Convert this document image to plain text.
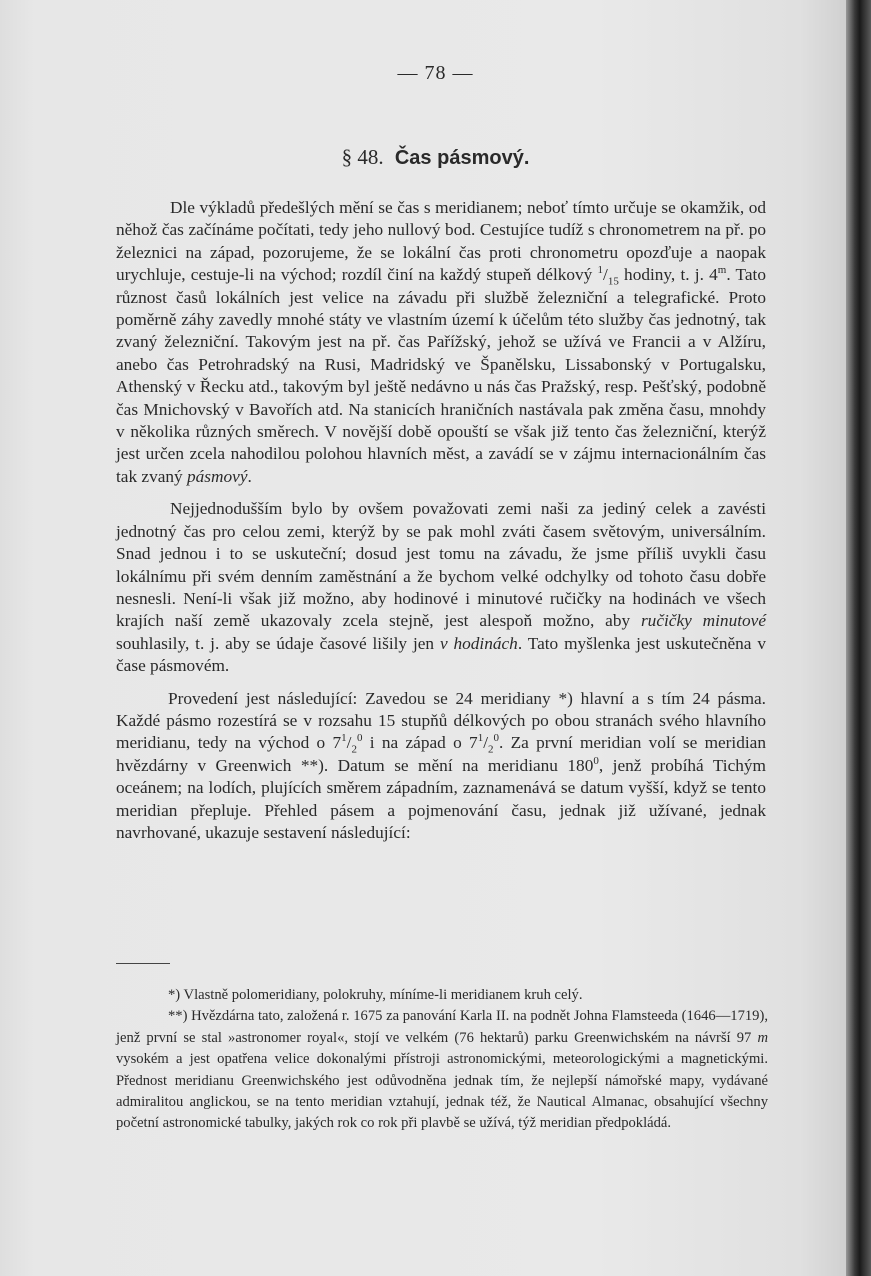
— 78 —
§ 48. Čas pásmový.

Dle výkladů předešlých mění se čas s meridianem; neboť tímto určuje se okamžik, od něhož čas začínáme počítati, tedy jeho nullový bod. Cestujíce tudíž s chronometrem na př. po železnici na západ, pozorujeme, že se lokální čas proti chronometru opozďuje a naopak urychluje, cestuje-li na východ; rozdíl činí na každý stupeň délkový $^1/_{15}$ hodiny, t. j. 4$^m$. Tato různost časů lokálních jest velice na závadu při službě železniční a telegrafické. Proto poměrně záhy zavedly mnohé státy ve vlastním území k účelům této služby čas jednotný, tak zvaný železniční. Takovým jest na př. čas Pařížský, jehož se užívá ve Francii a v Alžíru, anebo čas Petrohradský na Rusi, Madridský ve Španělsku, Lissabonský v Portugalsku, Athenský v Řecku atd., takovým byl ještě nedávno u nás čas Pražský, resp. Pešťský, podobně čas Mnichovský v Bavořích atd. Na stanicích hraničních nastávala pak změna času, mnohdy v několika různých směrech. V novější době opouští se však již tento čas železniční, kterýž jest určen zcela nahodilou polohou hlavních měst, a zavádí se v zájmu internacionálním čas tak zvaný pásmový.

Nejjednodušším bylo by ovšem považovati zemi naši za jediný celek a zavésti jednotný čas pro celou zemi, kterýž by se pak mohl zváti časem světovým, universálním. Snad jednou i to se uskuteční; dosud jest tomu na závadu, že jsme příliš uvykli času lokálnímu při svém denním zaměstnání a že bychom velké odchylky od tohoto času dobře nesnesli. Není-li však již možno, aby hodinové i minutové ručičky na hodinách ve všech krajích naší země ukazovaly zcela stejně, jest alespoň možno, aby ručičky minutové souhlasily, t. j. aby se údaje časové lišily jen v hodinách. Tato myšlenka jest uskutečněna v čase pásmovém.

Provedení jest následující: Zavedou se 24 meridiany *) hlavní a s tím 24 pásma. Každé pásmo rozestírá se v rozsahu 15 stupňů délkových po obou stranách svého hlavního meridianu, tedy na východ o $7^1/_2^0$ i na západ o $7^1/_2^0$. Za první meridian volí se meridian hvězdárny v Greenwich **). Datum se mění na meridianu $180^0$, jenž probíhá Tichým oceánem; na lodích, plujících směrem západním, zaznamenává se datum vyšší, když se tento meridian přepluje. Přehled pásem a pojmenování času, jednak již užívané, jednak navrhované, ukazuje sestavení následující:

*) Vlastně polomeridiany, polokruhy, míníme-li meridianem kruh celý.

**) Hvězdárna tato, založená r. 1675 za panování Karla II. na podnět Johna Flamsteeda (1646—1719), jenž první se stal »astronomer royal«, stojí ve velkém (76 hektarů) parku Greenwichském na návrší 97 m vysokém a jest opatřena velice dokonalými přístroji astronomickými, meteorologickými a magnetickými. Přednost meridianu Greenwichského jest odůvodněna jednak tím, že nejlepší námořské mapy, vydávané admiralitou anglickou, se na tento meridian vztahují, jednak též, že Nautical Almanac, obsahující všechny početní astronomické tabulky, jakých rok co rok při plavbě se užívá, týž meridian předpokládá.
